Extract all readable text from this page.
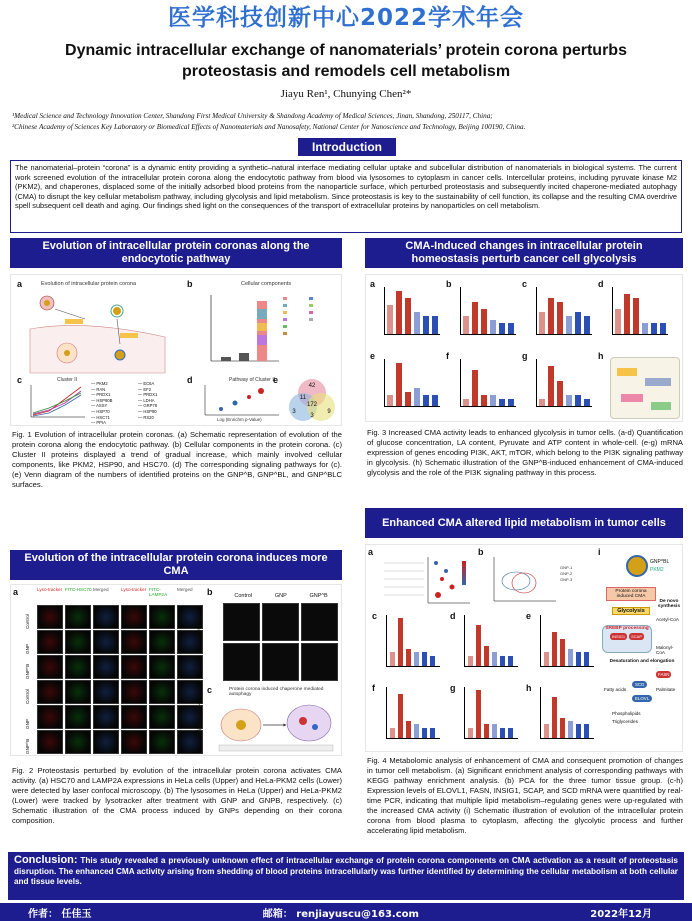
医学科技创新中心2022学术年会
Dynamic intracellular exchange of nanomaterials’ protein corona perturbs
proteostasis and remodels cell metabolism
Jiayu Ren¹, Chunying Chen²*
¹Medical Science and Technology Innovation Center, Shandong First Medical University & Shandong Academy of Medical Sciences, Jinan, Shandong, 250117, China;
²Chinese Academy of Sciences Key Laboratory or Biomedical Effects of Nanomaterials and Nanosafety, National Center for Nanoscience and Technology, Beijing 100190, China.
Introduction
The nanomaterial–protein “corona” is a dynamic entity providing a synthetic–natural interface mediating cellular uptake and subcellular distribution of nanomaterials in biological systems. The current work screened evolution of the intracellular protein corona along the endocytotic pathway from blood via lysosomes to cytoplasm in cancer cells. Intercellular proteins, including pyruvate kinase M2 (PKM2), and chaperones, displaced some of the initially adsorbed blood proteins from the nanoparticle surface, which perturbed proteostasis and subsequently incited chaperone-mediated autophagy (CMA) to disrupt the key cellular metabolism pathway, including glycolysis and lipid metabolism. Since proteostasis is key to the sustainability of cell function, its collapse and the resulting CMA overdrive spell subsequent cell death and aging. Our findings shed light on the consequences of the transport of extracellular proteins by nanoparticles on cell metabolism.
Evolution of intracellular protein coronas along the endocytotic pathway
a	Evolution of intracellular protein corona	b	Cellular components
c	Cluster II
— PKM2
— RAN
— PRDX1
— HSP90B
— ASSY
— HSP70
— HSC71
— PPIA
— EC6A
— EF2
— PRDX1
— LDHA
— GRP78
— HSP90
— RS20
d	Pathway of Cluster II
Log (Enrichm p-Value)
e
42
11
172
3
3
9
Fig. 1 Evolution of intracellular protein coronas. (a) Schematic representation of evolution of the protein corona along the endocytotic pathway. (b) Cellular components in the protein corona. (c) Cluster II proteins displayed a trend of gradual increase, which mainly involved cellular components, like PKM2, HSP90, and HSC70. (d) The corresponding signaling pathways for (c). (e) Venn diagram of the numbers of identified proteins on the GNP^B, GNP^BL, and GNP^BLC surfaces.
Evolution of the intracellular protein corona induces more CMA
a	Lyso-tracker FITC-HSC70 Merged	Lyso-tracker FITC-LAMP2A
Merged
Control
GNP
GNP^B
Control
GNP
GNP^B
HeLa
HeLa^PKM2
b	Control	GNP	GNP^B
c	Protein corona induced chaperone mediated autophagy
Fig. 2 Proteostasis perturbed by evolution of the intracellular protein corona activates CMA activity. (a) HSC70 and LAMP2A expressions in HeLa cells (Upper) and HeLa-PKM2 cells (Lower) were detected by laser confocal microscopy. (b) The lysosomes in HeLa (Upper) and HeLa-PKM2 (Lower) were tracked by lysotracker after treatment with GNP and GNPB, respectively. (c) Schematic illustration of the CMA process induced by GNPs depending on their corona composition.
CMA-Induced changes in intracellular protein homeostasis perturb cancer cell glycolysis
a	b	c	d
e	f	g	h
Fig. 3 Increased CMA activity leads to enhanced glycolysis in tumor cells. (a-d) Quantification of glucose concentration, LA content, Pyruvate and ATP content in whole-cell. (e-g) mRNA expression of genes encoding PI3K, AKT, mTOR, which belong to the PI3K signaling pathway in glycolysis. (h) Schematic illustration of the GNP^B-induced enhancement of CMA-induced glycolysis and the role of the PI3K signaling pathway in this process.
Enhanced CMA altered lipid metabolism in tumor cells
a	b
GNP-1
GNP-2
GNP-3
c	d	e
f	g	h
i
GNP^BL
PKM2
Protein corona induced CMA
Glycolysis
De novo synthesis
Acetyl-CoA
SREBP processing
INSIG1	SCAP
Malonyl-CoA
Desaturation and elongation
FASN
SCD
ELOVL
Fatty acids	Palmitate
Phospholipids
Triglycerides
Fig. 4 Metabolomic analysis of enhancement of CMA and consequent promotion of changes in tumor cell metabolism. (a) Significant enrichment analysis of corresponding pathways with KEGG pathway enrichment analysis. (b) PCA for the three tumor tissue group. (c-h) Expression levels of ELOVL1, FASN, INSIG1, SCAP, and SCD mRNA were quantified by real-time PCR, indicating that multiple lipid metabolism–regulating genes were up-regulated with the increased CMA activity (i) Schematic illustration of evolution of the intracellular protein corona from blood plasma to cytoplasm, affecting the glycolytic process and further accelerating lipid metabolism.
Conclusion: This study revealed a previously unknown effect of intracellular exchange of protein corona components on CMA activation as a result of proteostasis disruption. The enhanced CMA activity arising from shedding of blood proteins intracellularly was further identified by determining the cellular metabolism at both cellular and tissue levels.
作者： 任佳玉	邮箱： renjiayuscu@163.com	2022年12月
